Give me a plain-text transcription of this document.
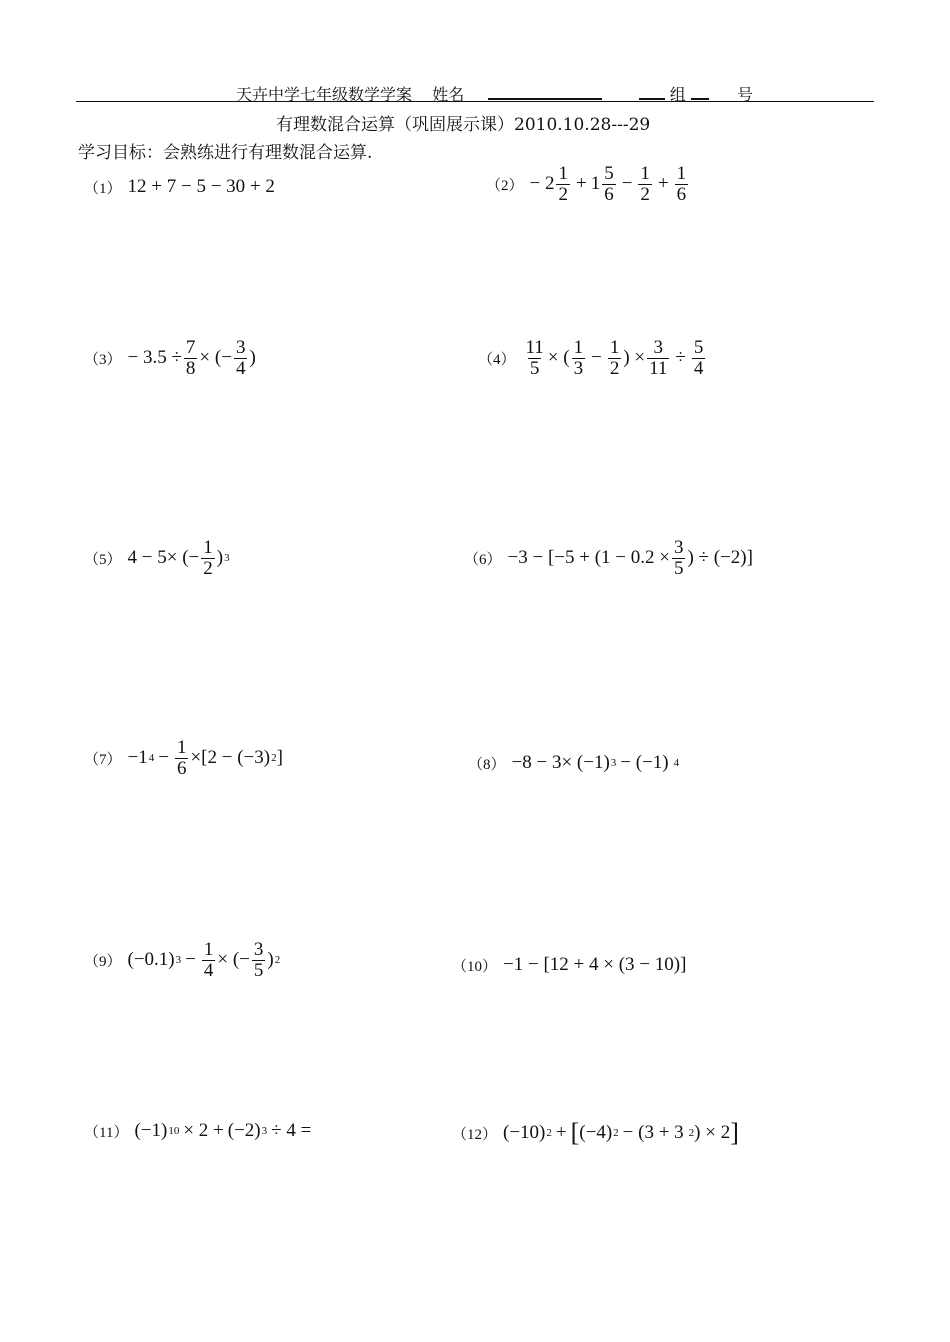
天卉中学七年级数学学案 姓名	组	号
有理数混合运算（巩固展示课）2010.10.28---29
学习目标：会熟练进行有理数混合运算.
（1） 12 + 7 − 5 − 30 + 2	$(2) - 2 \frac{1}{2} + 1 \frac{5}{6} - \frac{1}{2} + \frac{1}{6}$
$(3) - 3.5 \div \frac{7}{8}$ × (− $\frac{3}{4}$ )	$(4) \frac{11}{5}$ × ( $\frac{1}{3} - \frac{1}{2}$ ) × $\frac{3}{11} \div \frac{5}{4}$
（5） 4 − 5× (− $\frac{1}{2}$ ) 3	$(6) -3 - [-5 + (1 - 0.2 \times \frac{3}{5}$ ) ÷ (−2)]
（7） −1 $4 - \frac{1}{6} \times[2 - (-3)$ 2 ]	（8） −8 − 3× (−1) 3 − (−1) 4
（9） (−0.1) $3 - \frac{1}{4}$ × (− $\frac{3}{5}$ ) 2	（10） −1 − [12 + 4 × (3 − 10)]
（11） (−1) 10 × 2 + (−2) 3 ÷ 4 =	（12） (−10) 2 + [ (−4) 2 − (3 + 3 2 ) × 2 ]
